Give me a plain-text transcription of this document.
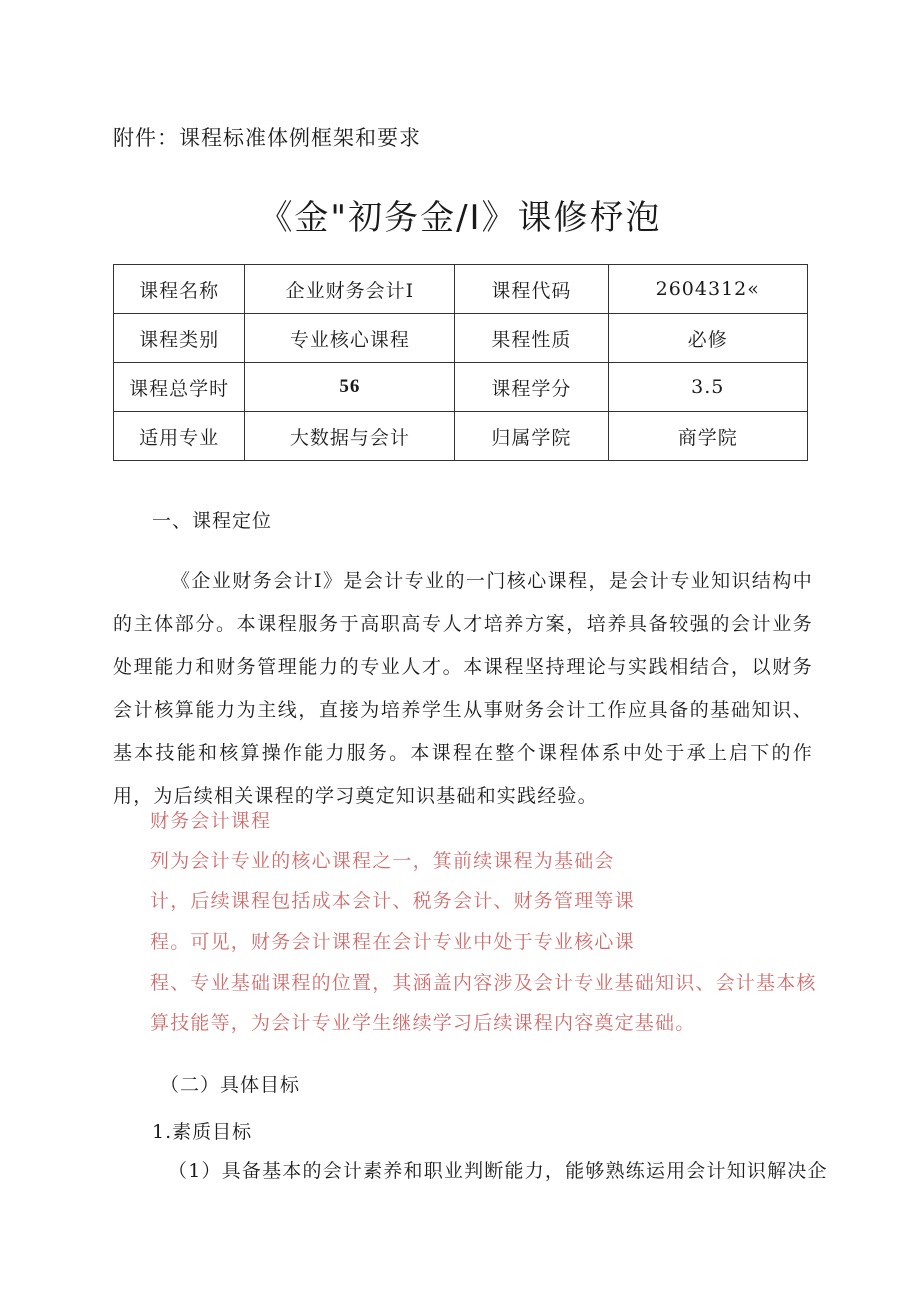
附件：课程标准体例框架和要求
《金"初务金/I》课修杼泡
课程名称	企业财务会计I	课程代码	2604312«
课程类别	专业核心课程	果程性质	必修
课程总学时	56	课程学分	3.5
适用专业	大数据与会计	归属学院	商学院
一、课程定位
《企业财务会计I》是会计专业的一门核心课程，是会计专业知识结构中的主体部分。本课程服务于高职高专人才培养方案，培养具备较强的会计业务处理能力和财务管理能力的专业人才。本课程坚持理论与实践相结合，以财务会计核算能力为主线，直接为培养学生从事财务会计工作应具备的基础知识、基本技能和核算操作能力服务。本课程在整个课程体系中处于承上启下的作用，为后续相关课程的学习奠定知识基础和实践经验。
财务会计课程
列为会计专业的核心课程之一，箕前续课程为基础会
计，后续课程包括成本会计、税务会计、财务管理等课
程。可见，财务会计课程在会计专业中处于专业核心课
程、专业基础课程的位置，其涵盖内容涉及会计专业基础知识、会计基本核
算技能等，为会计专业学生继续学习后续课程内容奠定基础。
（二）具体目标
1.素质目标
（1）具备基本的会计素养和职业判断能力，能够熟练运用会计知识解决企
